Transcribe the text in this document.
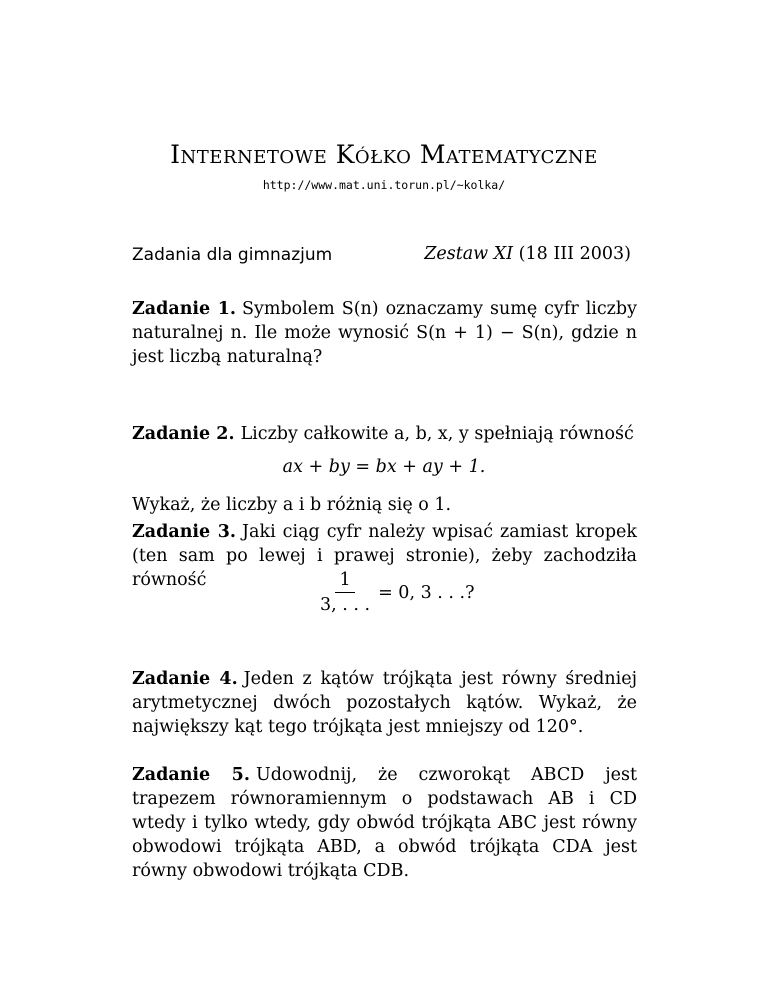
Internetowe Kółko Matematyczne
http://www.mat.uni.torun.pl/~kolka/
Zadania dla gimnazjum	Zestaw XI (18 III 2003)
Zadanie 1. Symbolem S(n) oznaczamy sumę cyfr liczby naturalnej n. Ile może wynosić S(n + 1) − S(n), gdzie n jest liczbą naturalną?
Zadanie 2. Liczby całkowite a, b, x, y spełniają równość
ax + by = bx + ay + 1.
Wykaż, że liczby a i b różnią się o 1.
Zadanie 3. Jaki ciąg cyfr należy wpisać zamiast kropek (ten sam po lewej i prawej stronie), żeby zachodziła równość	$\frac{1}{3, . . .} = 0$, 3 . . .?
Zadanie 4. Jeden z kątów trójkąta jest równy średniej arytmetycznej dwóch pozostałych kątów. Wykaż, że największy kąt tego trójkąta jest mniejszy od 120°.
Zadanie 5. Udowodnij, że czworokąt ABCD jest trapezem równoramiennym o podstawach AB i CD wtedy i tylko wtedy, gdy obwód trójkąta ABC jest równy obwodowi trójkąta ABD, a obwód trójkąta CDA jest równy obwodowi trójkąta CDB.
